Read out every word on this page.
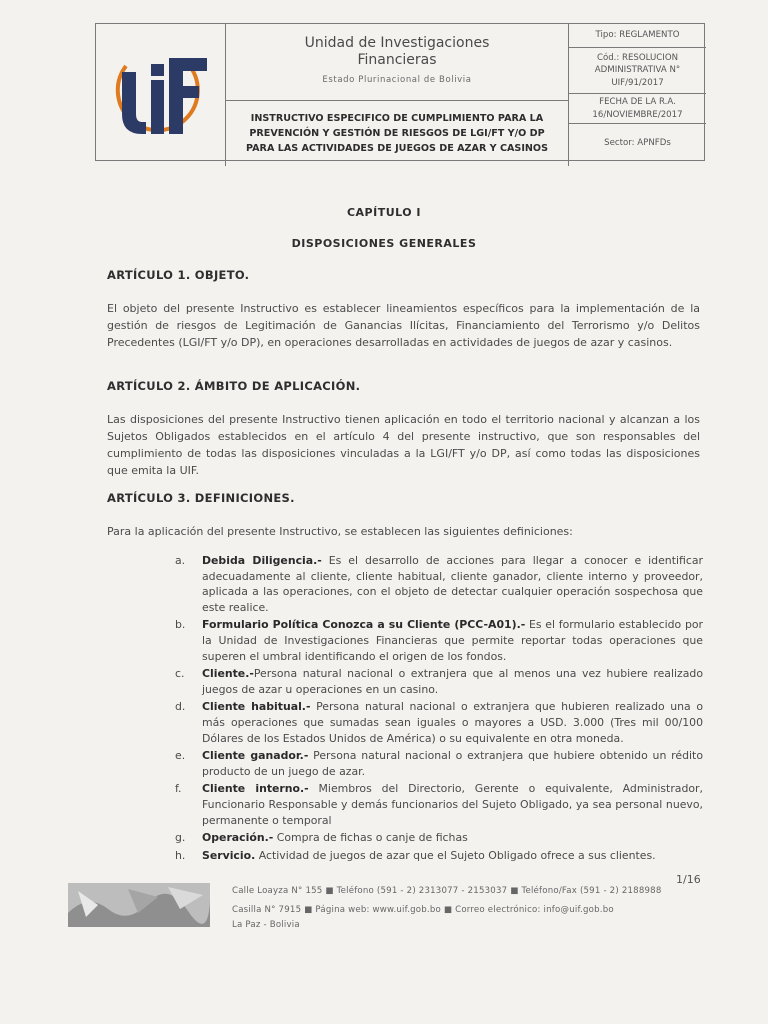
Unidad de Investigaciones
Financieras
Estado Plurinacional de Bolivia
INSTRUCTIVO ESPECIFICO DE CUMPLIMIENTO PARA LA
PREVENCIÓN Y GESTIÓN DE RIESGOS DE LGI/FT Y/O DP
PARA LAS ACTIVIDADES DE JUEGOS DE AZAR Y CASINOS
Tipo: REGLAMENTO
Cód.: RESOLUCION ADMINISTRATIVA N° UIF/91/2017
FECHA DE LA R.A. 16/NOVIEMBRE/2017
Sector: APNFDs
CAPÍTULO I
DISPOSICIONES GENERALES
ARTÍCULO 1. OBJETO.

El objeto del presente Instructivo es establecer lineamientos específicos para la implementación de la gestión de riesgos de Legitimación de Ganancias Ilícitas, Financiamiento del Terrorismo y/o Delitos Precedentes (LGI/FT y/o DP), en operaciones desarrolladas en actividades de juegos de azar y casinos.

ARTÍCULO 2. ÁMBITO DE APLICACIÓN.

Las disposiciones del presente Instructivo tienen aplicación en todo el territorio nacional y alcanzan a los Sujetos Obligados establecidos en el artículo 4 del presente instructivo, que son responsables del cumplimiento de todas las disposiciones vinculadas a la LGI/FT y/o DP, así como todas las disposiciones que emita la UIF.

ARTÍCULO 3. DEFINICIONES.

Para la aplicación del presente Instructivo, se establecen las siguientes definiciones:

a. Debida Diligencia.- Es el desarrollo de acciones para llegar a conocer e identificar adecuadamente al cliente, cliente habitual, cliente ganador, cliente interno y proveedor, aplicada a las operaciones, con el objeto de detectar cualquier operación sospechosa que este realice.
b. Formulario Política Conozca a su Cliente (PCC-A01).- Es el formulario establecido por la Unidad de Investigaciones Financieras que permite reportar todas operaciones que superen el umbral identificando el origen de los fondos.
c. Cliente.-Persona natural nacional o extranjera que al menos una vez hubiere realizado juegos de azar u operaciones en un casino.
d. Cliente habitual.- Persona natural nacional o extranjera que hubieren realizado una o más operaciones que sumadas sean iguales o mayores a USD. 3.000 (Tres mil 00/100 Dólares de los Estados Unidos de América) o su equivalente en otra moneda.
e. Cliente ganador.- Persona natural nacional o extranjera que hubiere obtenido un rédito producto de un juego de azar.
f. Cliente interno.- Miembros del Directorio, Gerente o equivalente, Administrador, Funcionario Responsable y demás funcionarios del Sujeto Obligado, ya sea personal nuevo, permanente o temporal
g. Operación.- Compra de fichas o canje de fichas
h. Servicio. Actividad de juegos de azar que el Sujeto Obligado ofrece a sus clientes.
Calle Loayza N° 155 ■ Teléfono (591 - 2) 2313077 - 2153037 ■ Teléfono/Fax (591 - 2) 2188988
Casilla N° 7915 ■ Página web: www.uif.gob.bo ■ Correo electrónico: info@uif.gob.bo
La Paz - Bolivia
1/16
